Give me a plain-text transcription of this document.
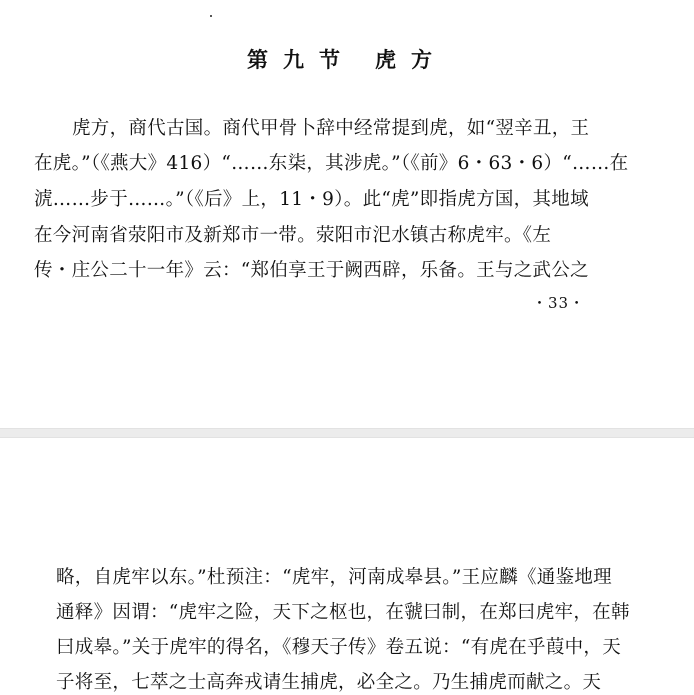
第九节 虎方
虎方，商代古国。商代甲骨卜辞中经常提到虎，如“翌辛丑，王
在虎。”（《燕大》416）“……东柒，其涉虎。”（《前》6・63・6）“……在
淲……步于……。”（《后》上，11・9）。此“虎”即指虎方国，其地域
在今河南省荥阳市及新郑市一带。荥阳市汜水镇古称虎牢。《左
传・庄公二十一年》云：“郑伯享王于阙西辟，乐备。王与之武公之
・33・
略，自虎牢以东。”杜预注：“虎牢，河南成皋县。”王应麟《通鉴地理
通释》因谓：“虎牢之险，天下之枢也，在虢曰制，在郑曰虎牢，在韩
曰成皋。”关于虎牢的得名，《穆天子传》卷五说：“有虎在乎葭中，天
子将至，七萃之士高奔戎请生捕虎，必全之。乃生捕虎而献之。天
